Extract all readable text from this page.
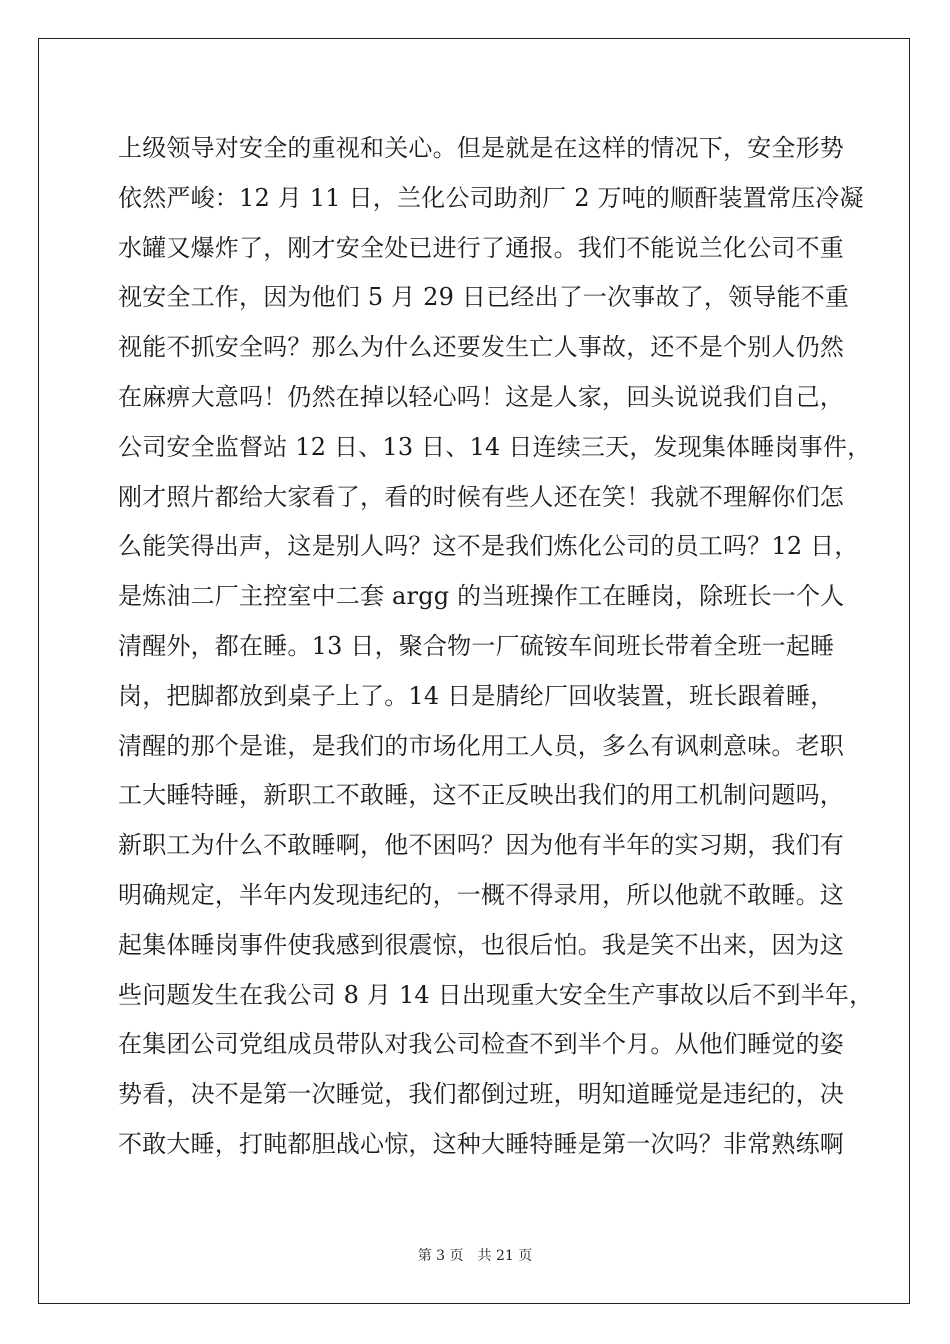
上级领导对安全的重视和关心。但是就是在这样的情况下，安全形势
依然严峻：12 月 11 日，兰化公司助剂厂 2 万吨的顺酐装置常压冷凝
水罐又爆炸了，刚才安全处已进行了通报。我们不能说兰化公司不重
视安全工作，因为他们 5 月 29 日已经出了一次事故了，领导能不重
视能不抓安全吗？那么为什么还要发生亡人事故，还不是个别人仍然
在麻痹大意吗！仍然在掉以轻心吗！这是人家，回头说说我们自己，
公司安全监督站 12 日、13 日、14 日连续三天，发现集体睡岗事件，
刚才照片都给大家看了，看的时候有些人还在笑！我就不理解你们怎
么能笑得出声，这是别人吗？这不是我们炼化公司的员工吗？12 日，
是炼油二厂主控室中二套 argg 的当班操作工在睡岗，除班长一个人
清醒外，都在睡。13 日，聚合物一厂硫铵车间班长带着全班一起睡
岗，把脚都放到桌子上了。14 日是腈纶厂回收装置，班长跟着睡，
清醒的那个是谁，是我们的市场化用工人员，多么有讽刺意味。老职
工大睡特睡，新职工不敢睡，这不正反映出我们的用工机制问题吗，
新职工为什么不敢睡啊，他不困吗？因为他有半年的实习期，我们有
明确规定，半年内发现违纪的，一概不得录用，所以他就不敢睡。这
起集体睡岗事件使我感到很震惊，也很后怕。我是笑不出来，因为这
些问题发生在我公司 8 月 14 日出现重大安全生产事故以后不到半年，
在集团公司党组成员带队对我公司检查不到半个月。从他们睡觉的姿
势看，决不是第一次睡觉，我们都倒过班，明知道睡觉是违纪的，决
不敢大睡，打盹都胆战心惊，这种大睡特睡是第一次吗？非常熟练啊
第 3 页 共 21 页
